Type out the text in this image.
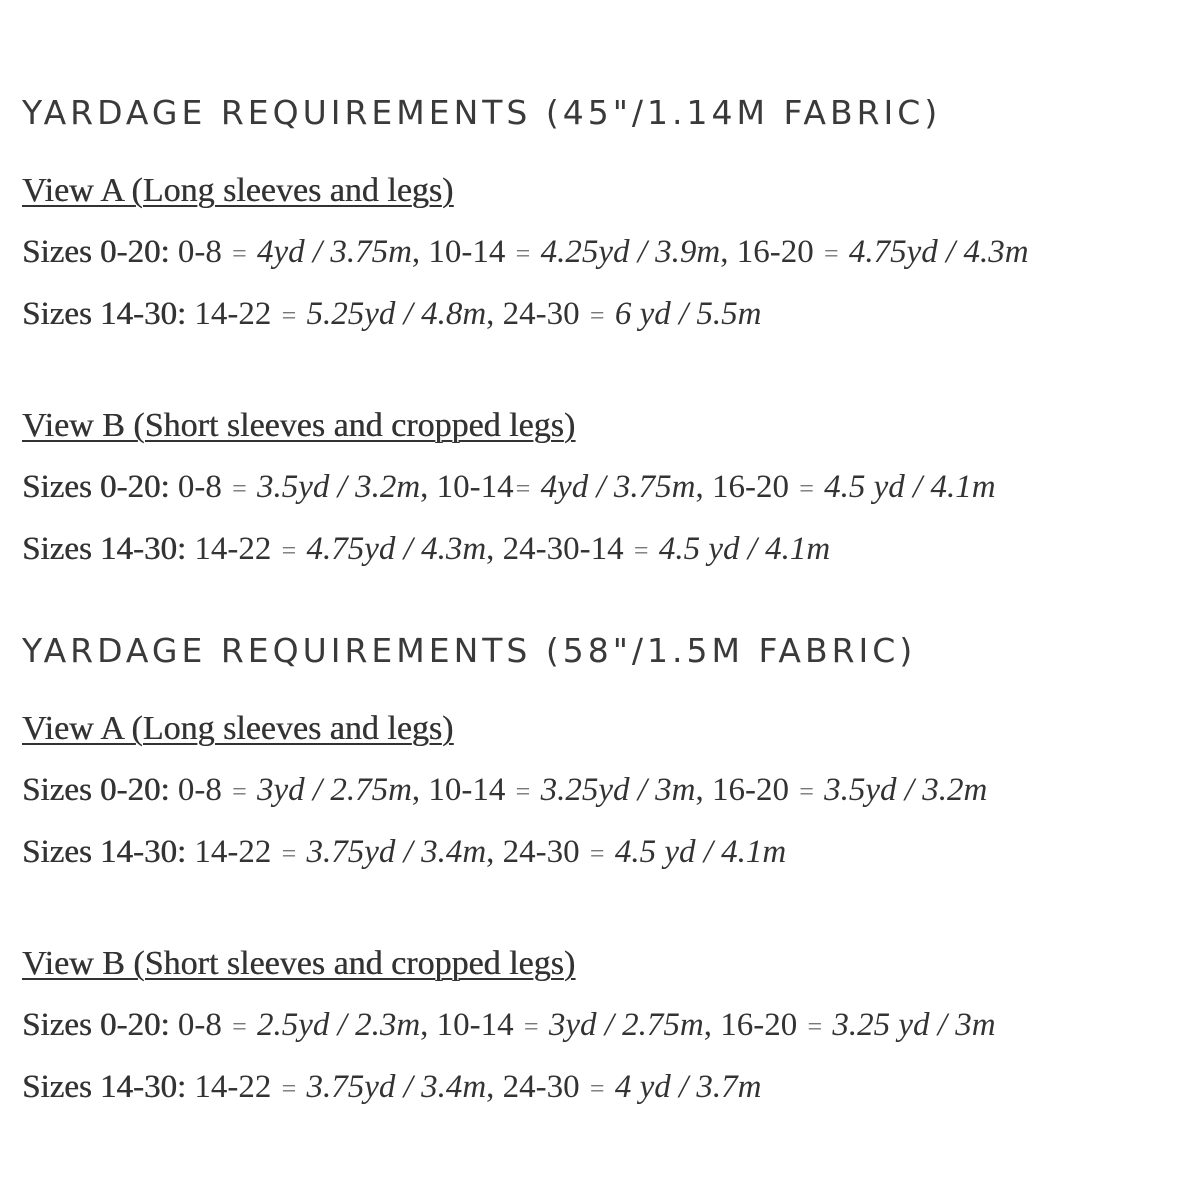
YARDAGE REQUIREMENTS (45"/1.14M FABRIC)
View A (Long sleeves and legs)
Sizes 0-20: 0-8 = 4yd / 3.75m, 10-14 = 4.25yd / 3.9m, 16-20 = 4.75yd / 4.3m
Sizes 14-30: 14-22 = 5.25yd / 4.8m, 24-30 = 6 yd / 5.5m
View B (Short sleeves and cropped legs)
Sizes 0-20: 0-8 = 3.5yd / 3.2m, 10-14= 4yd / 3.75m, 16-20 = 4.5 yd / 4.1m
Sizes 14-30: 14-22 = 4.75yd / 4.3m, 24-30-14 = 4.5 yd / 4.1m
YARDAGE REQUIREMENTS (58"/1.5M FABRIC)
View A (Long sleeves and legs)
Sizes 0-20: 0-8 = 3yd / 2.75m, 10-14 = 3.25yd / 3m, 16-20 = 3.5yd / 3.2m
Sizes 14-30: 14-22 = 3.75yd / 3.4m, 24-30 = 4.5 yd / 4.1m
View B (Short sleeves and cropped legs)
Sizes 0-20: 0-8 = 2.5yd / 2.3m, 10-14 = 3yd / 2.75m, 16-20 = 3.25 yd / 3m
Sizes 14-30: 14-22 = 3.75yd / 3.4m, 24-30 = 4 yd / 3.7m
